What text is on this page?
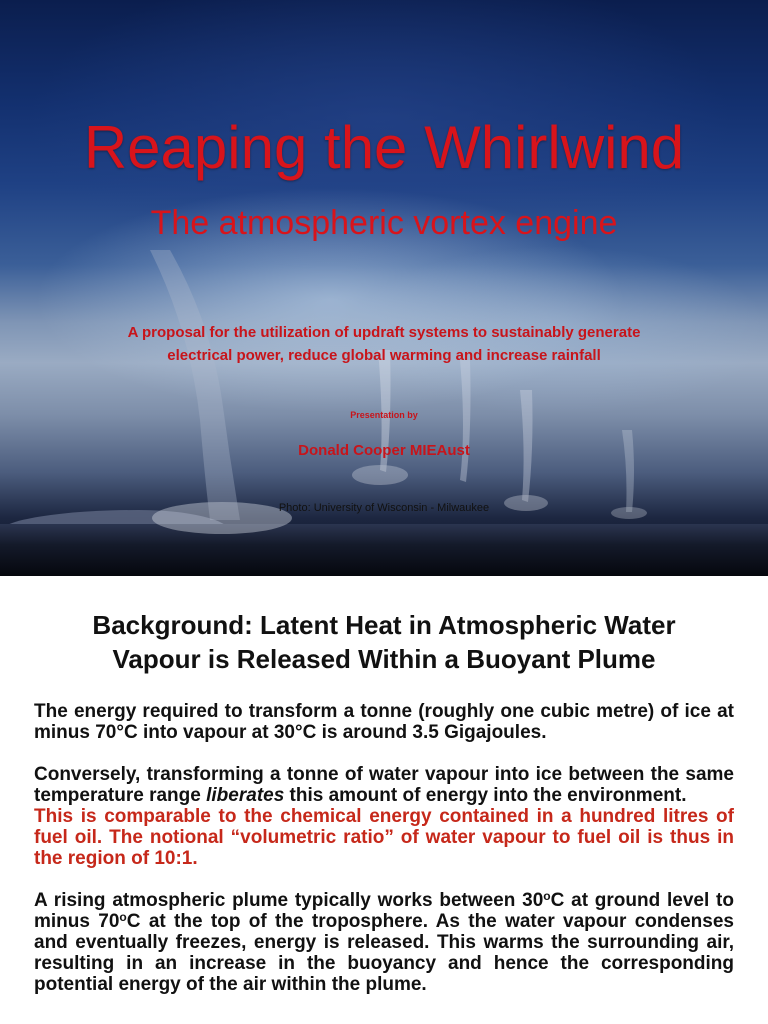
Reaping the Whirlwind
The atmospheric vortex engine
A proposal for the utilization of updraft systems to sustainably generate
electrical power, reduce global warming and increase rainfall
Presentation by
Donald Cooper MIEAust
Photo: University of Wisconsin - Milwaukee
Background: Latent Heat in Atmospheric Water
Vapour is Released Within a Buoyant Plume

The energy required to transform a tonne (roughly one cubic metre) of ice at minus 70°C into vapour at 30°C is around 3.5 Gigajoules.

Conversely, transforming a tonne of water vapour into ice between the same temperature range liberates this amount of energy into the environment.

This is comparable to the chemical energy contained in a hundred litres of fuel oil. The notional “volumetric ratio” of water vapour to fuel oil is thus in the region of 10:1.

A rising atmospheric plume typically works between 30$^o$C at ground level to minus 70$^o$C at the top of the troposphere. As the water vapour condenses and eventually freezes, energy is released. This warms the surrounding air, resulting in an increase in the buoyancy and hence the corresponding potential energy of the air within the plume.
